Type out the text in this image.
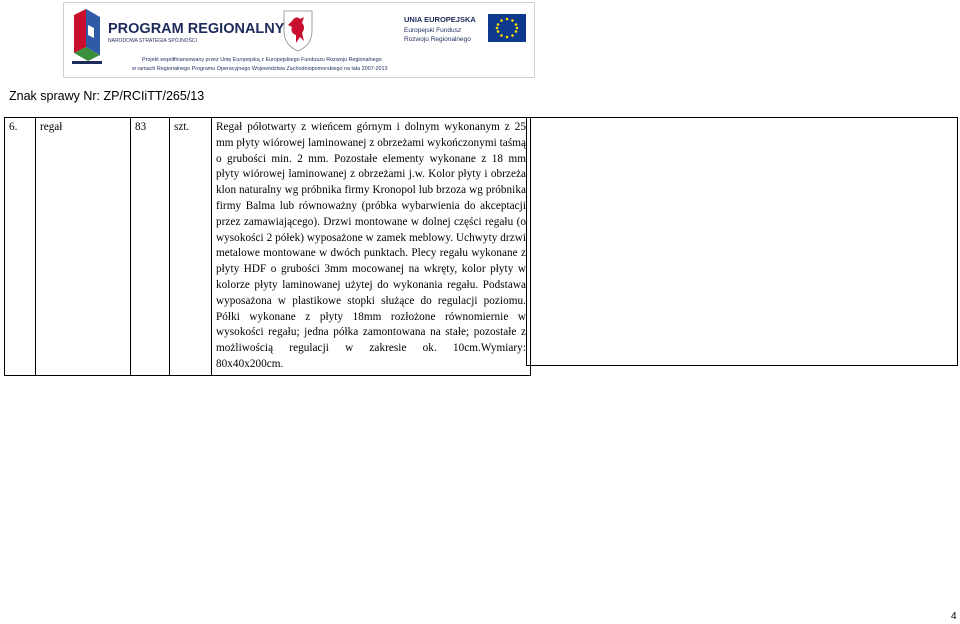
PROGRAM REGIONALNY
NARODOWA STRATEGIA SPÓJNOŚCI
UNIA EUROPEJSKA
Europejski Fundusz
Rozwoju Regionalnego
Projekt współfinansowany przez Unię Europejską z Europejskiego Funduszu Rozwoju Regionalnego
w ramach Regionalnego Programu Operacyjnego Województwa Zachodniopomorskiego na lata 2007-2013
Znak sprawy Nr: ZP/RCIiTT/265/13
6.	regał	83	szt.	Regał półotwarty z wieńcem górnym i dolnym wykonanym z 25 mm płyty wiórowej laminowanej z obrzeżami wykończonymi taśmą o grubości min. 2 mm. Pozostałe elementy wykonane z 18 mm płyty wiórowej laminowanej z obrzeżami j.w. Kolor płyty i obrzeża klon naturalny wg próbnika firmy Kronopol lub brzoza wg próbnika firmy Balma lub równoważny (próbka wybarwienia do akceptacji przez zamawiającego). Drzwi montowane w dolnej części regału (o wysokości 2 półek) wyposażone w zamek meblowy. Uchwyty drzwi metalowe montowane w dwóch punktach. Plecy regału wykonane z płyty HDF o grubości 3mm mocowanej na wkręty, kolor płyty w kolorze płyty laminowanej użytej do wykonania regału. Podstawa wyposażona w plastikowe stopki służące do regulacji poziomu. Półki wykonane z płyty 18mm rozłożone równomiernie w wysokości regału; jedna półka zamontowana na stałe; pozostałe z możliwością regulacji w zakresie ok. 10cm.Wymiary: 80x40x200cm.
4
